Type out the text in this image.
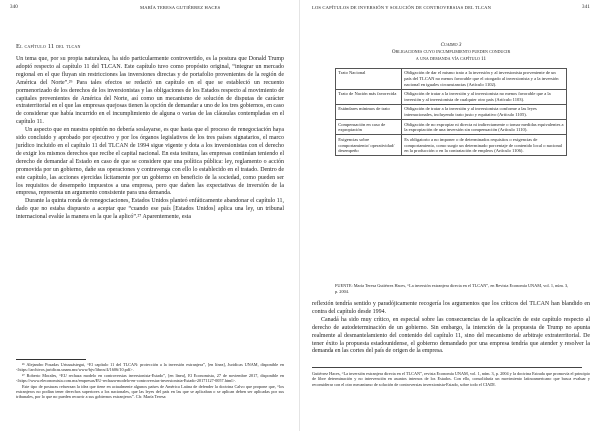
340	MARÍA TERESA GUTIÉRREZ HACES
El capítulo 11 del tlcan

Un tema que, por su propia naturaleza, ha sido particularmente controvertido, es la postura que Donald Trump adoptó respecto al capítulo 11 del TLCAN. Este capítulo tuvo como propósito original, “integrar un mercado regional en el que fluyan sin restricciones las inversiones directas y de portafolio provenientes de la región de América del Norte”.²⁶ Para tales efectos se redactó un capítulo en el que se estableció un recuento pormenorizado de los derechos de los inversionistas y las obligaciones de los Estados respecto al movimiento de capitales provenientes de América del Norte, así como un mecanismo de solución de disputas de carácter extraterritorial en el que las empresas quejosas tienen la opción de demandar a uno de los tres gobiernos, en caso de considerar que había incurrido en el incumplimiento de alguna o varias de las cláusulas contempladas en el capítulo 11.

Un aspecto que en nuestra opinión no debería soslayarse, es que hasta que el proceso de renegociación haya sido concluido y aprobado por ejecutivo y por los órganos legislativos de los tres países signatarios, el marco jurídico incluido en el capítulo 11 del TLCAN de 1994 sigue vigente y dota a los inversionistas con el derecho de exigir los mismos derechos que recibe el capital nacional. En esta tesitura, las empresas continúan teniendo el derecho de demandar al Estado en caso de que se considere que una política pública: ley, reglamento o acción promovida por un gobierno, dañe sus operaciones y contravenga con ello lo establecido en el tratado. Dentro de este capítulo, las acciones ejercidas lícitamente por un gobierno en beneficio de la sociedad, como pueden ser los requisitos de desempeño impuestos a una empresa, pero que dañen las expectativas de inversión de la empresa, representa un argumento consistente para una demanda.

Durante la quinta ronda de renegociaciones, Estados Unidos planteó enfáticamente abandonar el capítulo 11, dado que no estaba dispuesto a aceptar que “cuando ese país [Estados Unidos] aplica una ley, un tribunal internacional evalúe la manera en la que la aplicó”.²⁷ Aparentemente, esta

²⁶ Alejandro Posadas Urtusuástegui, “El capítulo 11 del TLCAN: protección a la inversión extranjera”, [en línea], Juridicas UNAM, disponible en <https://archivos.juridicas.unam.mx/www/bjv/libros/4/1606/10.pdf>.

²⁷ Roberto Morales, “EU rechaza modelo en controversias inversionista-Estado”, [en línea], El Economista, 27 de noviembre 2017, disponible en <https://www.eleconomista.com.mx/empresas/EU-rechaza-modelo-en-controversias-inversionista-Estado-20171127-0057.html>.

Este tipo de posturas refuerzan la idea que tiene en actualmente algunos países de América Latina de defender la doctrina Calvo que propone que, “los extranjeros no podían tener derechos superiores a los nacionales, que las leyes del país en las que se aplicaban o se aplican deben ser aplicadas por sus tribunales, por lo que no pueden recurrir a sus gobiernos extranjeros”. Cfr. María Teresa

LOS CAPÍTULOS DE INVERSIÓN Y SOLUCIÓN DE CONTROVERSIAS DEL TLCAN	341
Cuadro 3
Obligaciones cuyo incumplimiento pueden conducir
a una demanda vía capítulo 11
Trato Nacional	Obligación de dar el mismo trato a la inversión y al inversionista proveniente de un país del TLCAN no menos favorable que el otorgado al inversionista y a la inversión nacional en iguales circunstancias (Artículo 1102).
Trato de Nación más favorecida	Obligación de tratar a la inversión y al inversionista no menos favorable que a la inversión y al inversionista de cualquier otro país (Artículo 1103).
Estándares mínimos de trato	Obligación de tratar a la inversión y al inversionista conforme a las leyes internacionales, incluyendo trato justo y equitativo (Artículo 1105).
Compensación en caso de expropiación	Obligación de no expropiar ni directa ni indirectamente o tomar medidas equivalentes a la expropiación de una inversión sin compensación (Artículo 1110).
Exigencias sobre comportamiento/ operatividad/ desempeño	Es obligatorio a no imponer o de determinados requisitos o exigencias de comportamiento, como surgir un determinado porcentaje de contenido local o nacional en la producción o en la contratación de empleos (Artículo 1106).
FUENTE: María Teresa Gutiérrez Haces, “La inversión extranjera directa en el TLCAN”, en Revista Economía UNAM, vol. 1, núm. 3, p. 2004.

reflexión tendría sentido y paradójicamente recogería los argumentos que los críticos del TLCAN han blandido en contra del capítulo desde 1994.

Canadá ha sido muy crítico, en especial sobre las consecuencias de la aplicación de este capítulo respecto al derecho de autodeterminación de un gobierno. Sin embargo, la intención de la propuesta de Trump no apunta realmente al desmantelamiento del contenido del capítulo 11, sino del mecanismo de arbitraje extraterritorial. De tener éxito la propuesta estadounidense, el gobierno demandado por una empresa tendría que atender y resolver la demanda en las cortes del país de origen de la empresa.

Gutiérrez Haces, “La inversión extranjera directa en el TLCAN”, revista Economía UNAM, vol. 1, núm. 3, p. 2004 y la doctrina Estrada que promovía el principio de libre determinación y no intervención en asuntos internos de los Estados. Con ello, consolidaría un movimiento latinoamericano que busca evaluar y reconsiderar con el otro mecanismo de solución de controversias inversionista-Estado, sobre todo el CIADI.
